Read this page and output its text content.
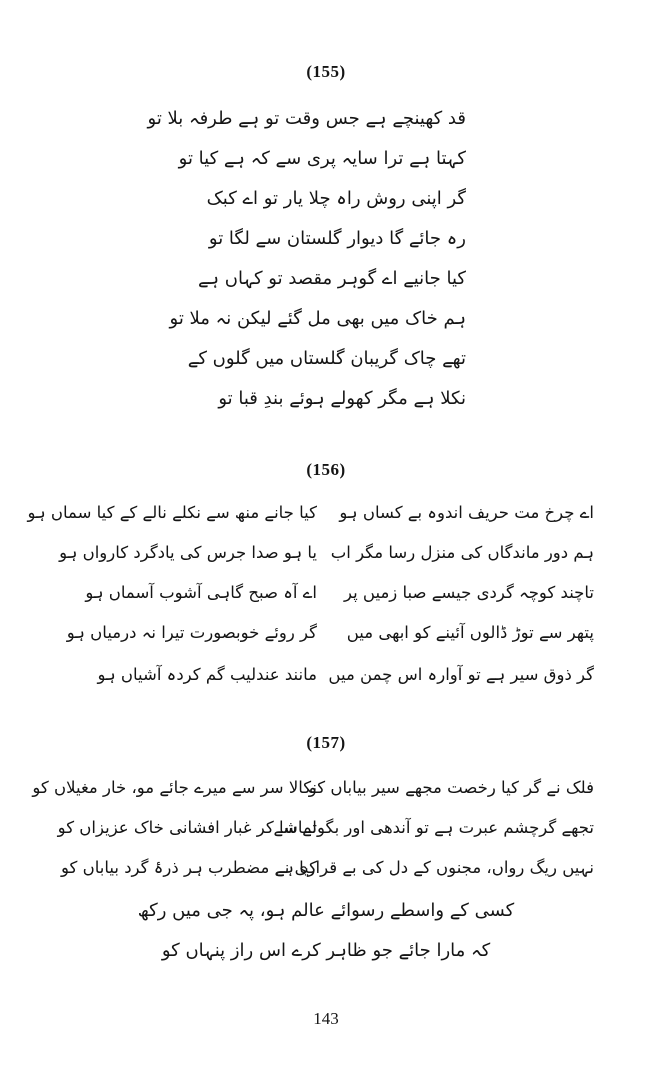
(155)
قد کھینچے ہے جس وقت تو ہے طرفہ بلا تو
کہتا ہے ترا سایہ پری سے کہ ہے کیا تو
گر اپنی روش راہ چلا یار تو اے کبک
رہ جائے گا دیوار گلستان سے لگا تو
کیا جانیے اے گوہر مقصد تو کہاں ہے
ہم خاک میں بھی مل گئے لیکن نہ ملا تو
تھے چاک گریبان گلستاں میں گلوں کے
نکلا ہے مگر کھولے ہوئے بندِ قبا تو
(156)
اے چرخ مت حریف اندوہ بے کساں ہو
کیا جانے منھ سے نکلے نالے کے کیا سماں ہو
ہم دور ماندگاں کی منزل رسا مگر اب
یا ہو صدا جرس کی یادگرد کارواں ہو
تاچند کوچہ گردی جیسے صبا زمیں پر
اے آہ صبح گاہی آشوب آسماں ہو
پتھر سے توڑ ڈالوں آئینے کو ابھی میں
گر روئے خوبصورت تیرا نہ درمیاں ہو
گر ذوق سیر ہے تو آوارہ اس چمن میں
مانند عندلیب گم کردہ آشیاں ہو
(157)
فلک نے گر کیا رخصت مجھے سیر بیاباں کو
نکالا سر سے میرے جائے مو، خار مغیلاں کو
تجھے گرچشم عبرت ہے تو آندھی اور بگولے سے
تماشا کر غبار افشانی خاک عزیزاں کو
نہیں ریگ رواں، مجنوں کے دل کی بے قراری نے
کیا ہے مضطرب ہر ذرۂ گرد بیاباں کو
کسی کے واسطے رسوائے عالم ہو، پہ جی میں رکھ
کہ مارا جائے جو ظاہر کرے اس راز پنہاں کو
143
